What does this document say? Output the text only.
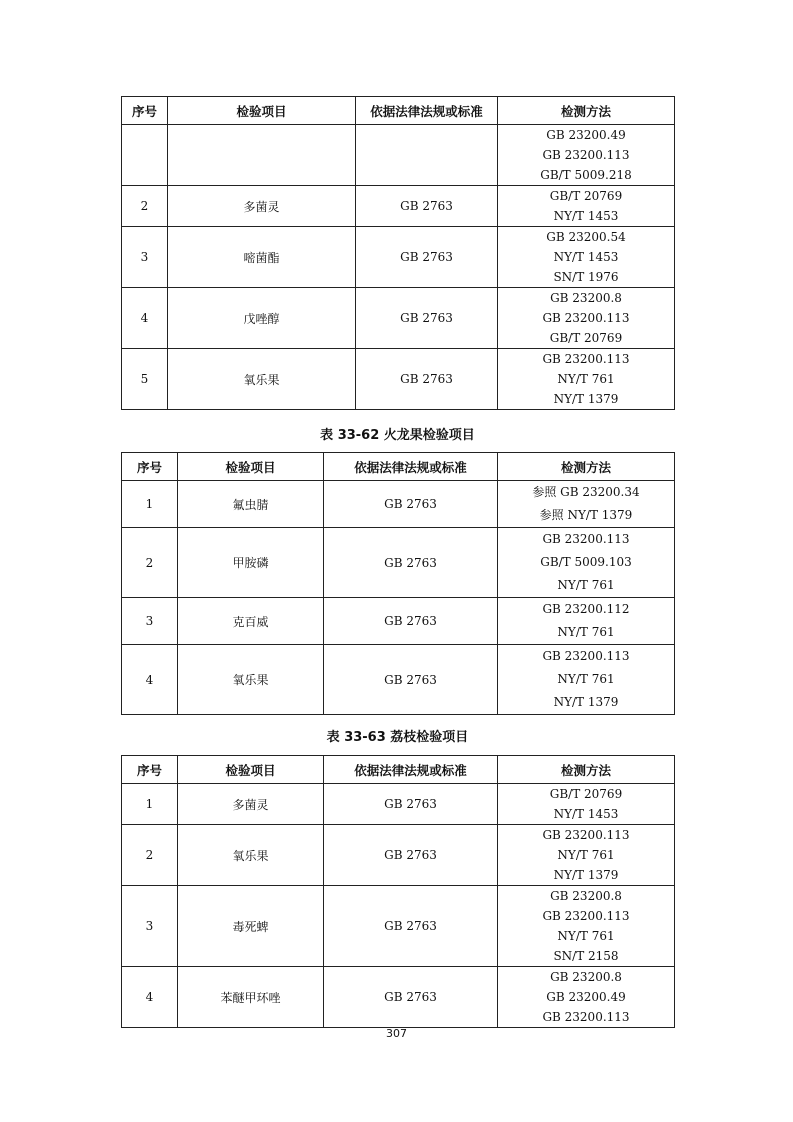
序号	检验项目	依据法律法规或标准	检测方法

			GB 23200.49
GB 23200.113
GB/T 5009.218

2	多菌灵	GB 2763	GB/T 20769
NY/T 1453

3	嘧菌酯	GB 2763	GB 23200.54
NY/T 1453
SN/T 1976

4	戊唑醇	GB 2763	GB 23200.8
GB 23200.113
GB/T 20769

5	氧乐果	GB 2763	GB 23200.113
NY/T 761
NY/T 1379
表 33-62 火龙果检验项目
序号	检验项目	依据法律法规或标准	检测方法
1	氟虫腈	GB 2763	参照 GB 23200.34
参照 NY/T 1379

2	甲胺磷	GB 2763	GB 23200.113
GB/T 5009.103
NY/T 761

3	克百威	GB 2763	GB 23200.112
NY/T 761

4	氧乐果	GB 2763	GB 23200.113
NY/T 761
NY/T 1379
表 33-63 荔枝检验项目
序号	检验项目	依据法律法规或标准	检测方法
1	多菌灵	GB 2763	GB/T 20769
NY/T 1453

2	氧乐果	GB 2763	GB 23200.113
NY/T 761
NY/T 1379

3	毒死蜱	GB 2763	GB 23200.8
GB 23200.113
NY/T 761
SN/T 2158

4	苯醚甲环唑	GB 2763	GB 23200.8
GB 23200.49
GB 23200.113
307
